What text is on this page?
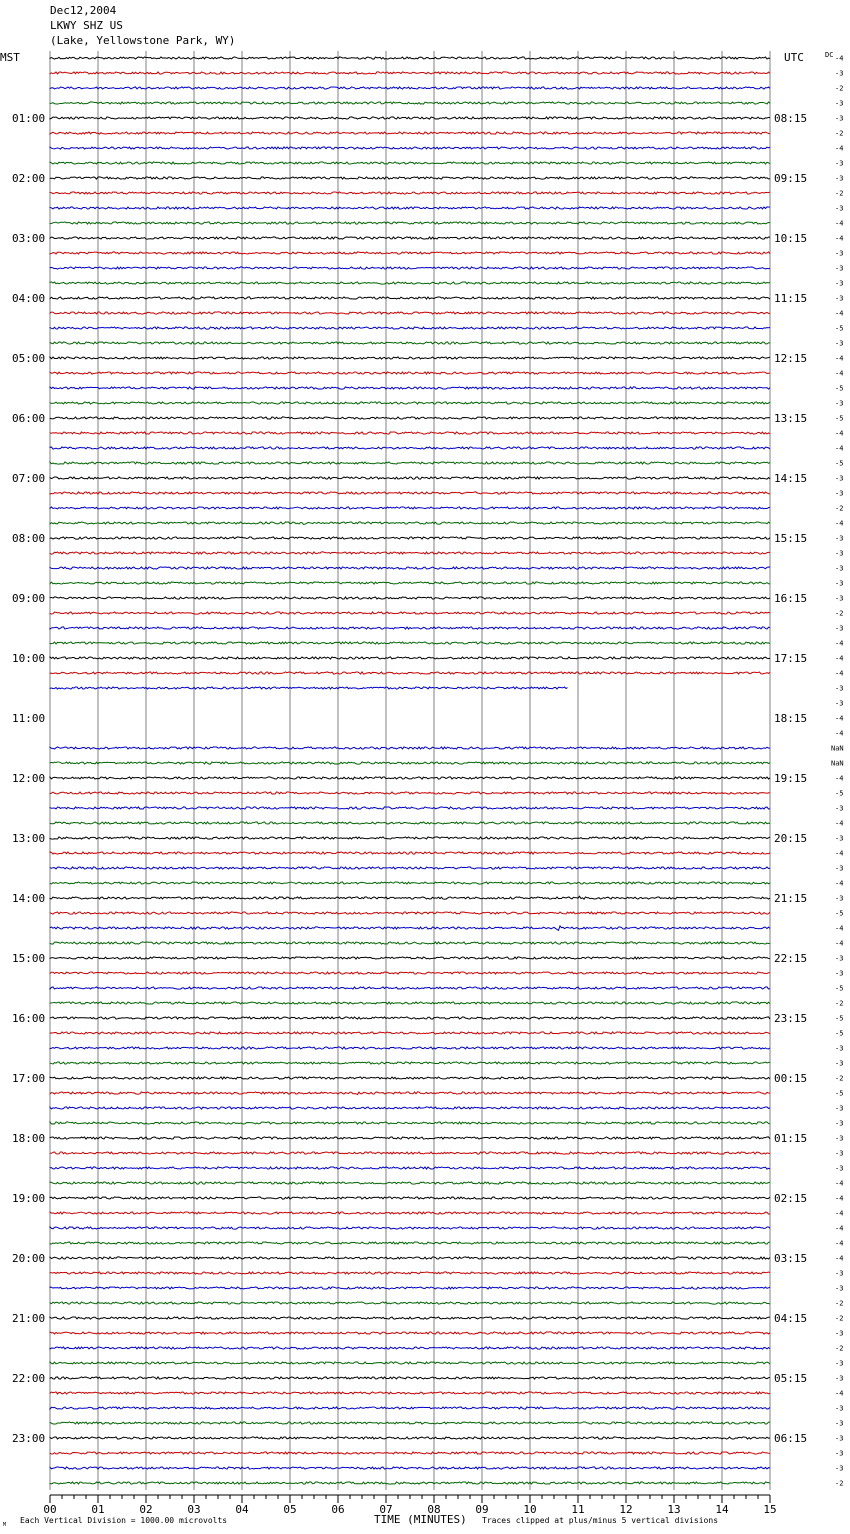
Dec12,2004
LKWY SHZ US
(Lake, Yellowstone Park, WY)
MST	UTC	DC
TIME (MINUTES)
Each Vertical Division = 1000.00 microvolts	Traces clipped at plus/minus 5 vertical divisions
M
01:00
02:00
03:00
04:00
05:00
06:00
07:00
08:00
09:00
10:00
11:00
12:00
13:00
14:00
15:00
16:00
17:00
18:00
19:00
20:00
21:00
22:00
23:00
08:15
09:15
10:15
11:15
12:15
13:15
14:15
15:15
16:15
17:15
18:15
19:15
20:15
21:15
22:15
23:15
00:15
01:15
02:15
03:15
04:15
05:15
06:15
-4
-3
-2
-3
-3
-2
-4
-3
-3
-2
-3
-4
-4
-3
-3
-3
-3
-4
-5
-3
-4
-4
-5
-3
-5
-4
-4
-5
-3
-3
-2
-4
-3
-3
-3
-3
-3
-2
-3
-4
-4
-4
-3
-3
-4
-4
NaN
NaN
-4
-5
-3
-4
-3
-4
-3
-4
-3
-5
-4
-4
-3
-3
-5
-2
-5
-5
-3
-3
-2
-5
-3
-3
-3
-3
-3
-4
-4
-4
-4
-4
-4
-3
-3
-2
-2
-3
-2
-3
-3
-4
-3
-3
-3
-3
-3
-2
00	01	02	03	04	05	06	07	08	09	10	11	12	13	14	15
